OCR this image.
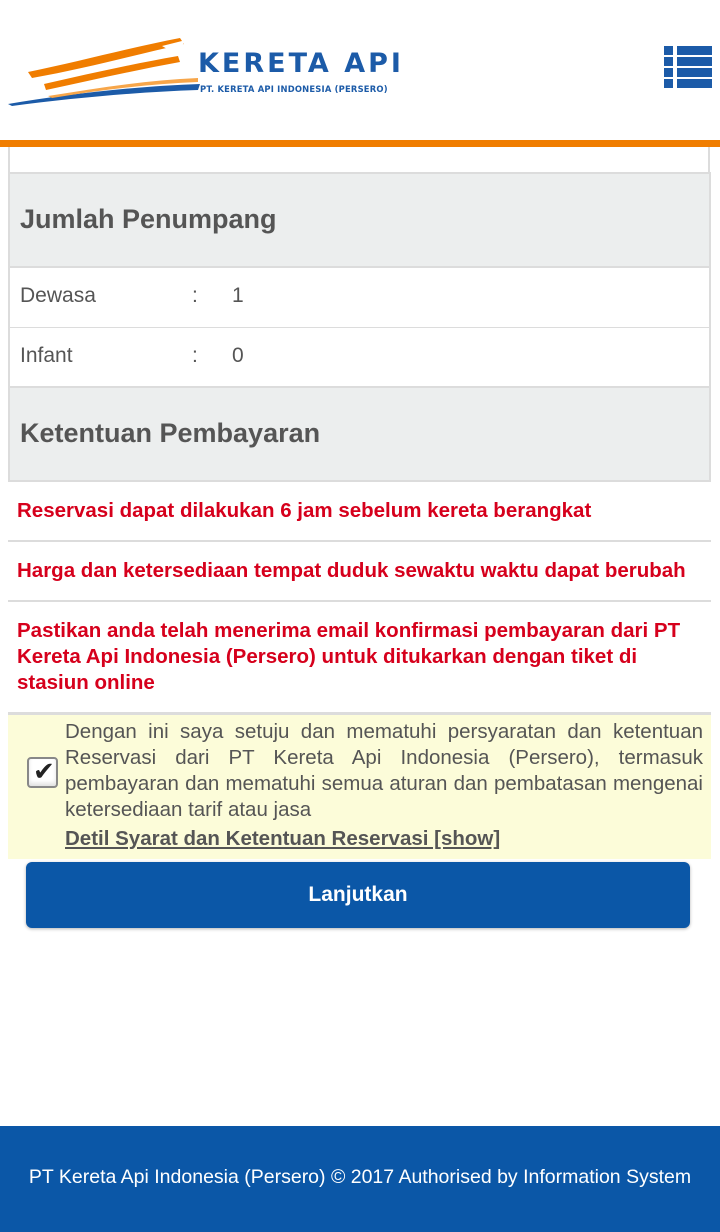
Jumlah Penumpang
Dewasa	: 1
Infant	: 0
Ketentuan Pembayaran
Reservasi dapat dilakukan 6 jam sebelum kereta berangkat
Harga dan ketersediaan tempat duduk sewaktu waktu dapat berubah
Pastikan anda telah menerima email konfirmasi pembayaran dari PT Kereta Api Indonesia (Persero) untuk ditukarkan dengan tiket di stasiun online
✔
Dengan ini saya setuju dan mematuhi persyaratan dan ketentuan Reservasi dari PT Kereta Api Indonesia (Persero), termasuk pembayaran dan mematuhi semua aturan dan pembatasan mengenai ketersediaan tarif atau jasa
Detil Syarat dan Ketentuan Reservasi [show]
Lanjutkan
KERETA API
PT. KERETA API INDONESIA (PERSERO)
PT Kereta Api Indonesia (Persero) © 2017 Authorised by Information System
